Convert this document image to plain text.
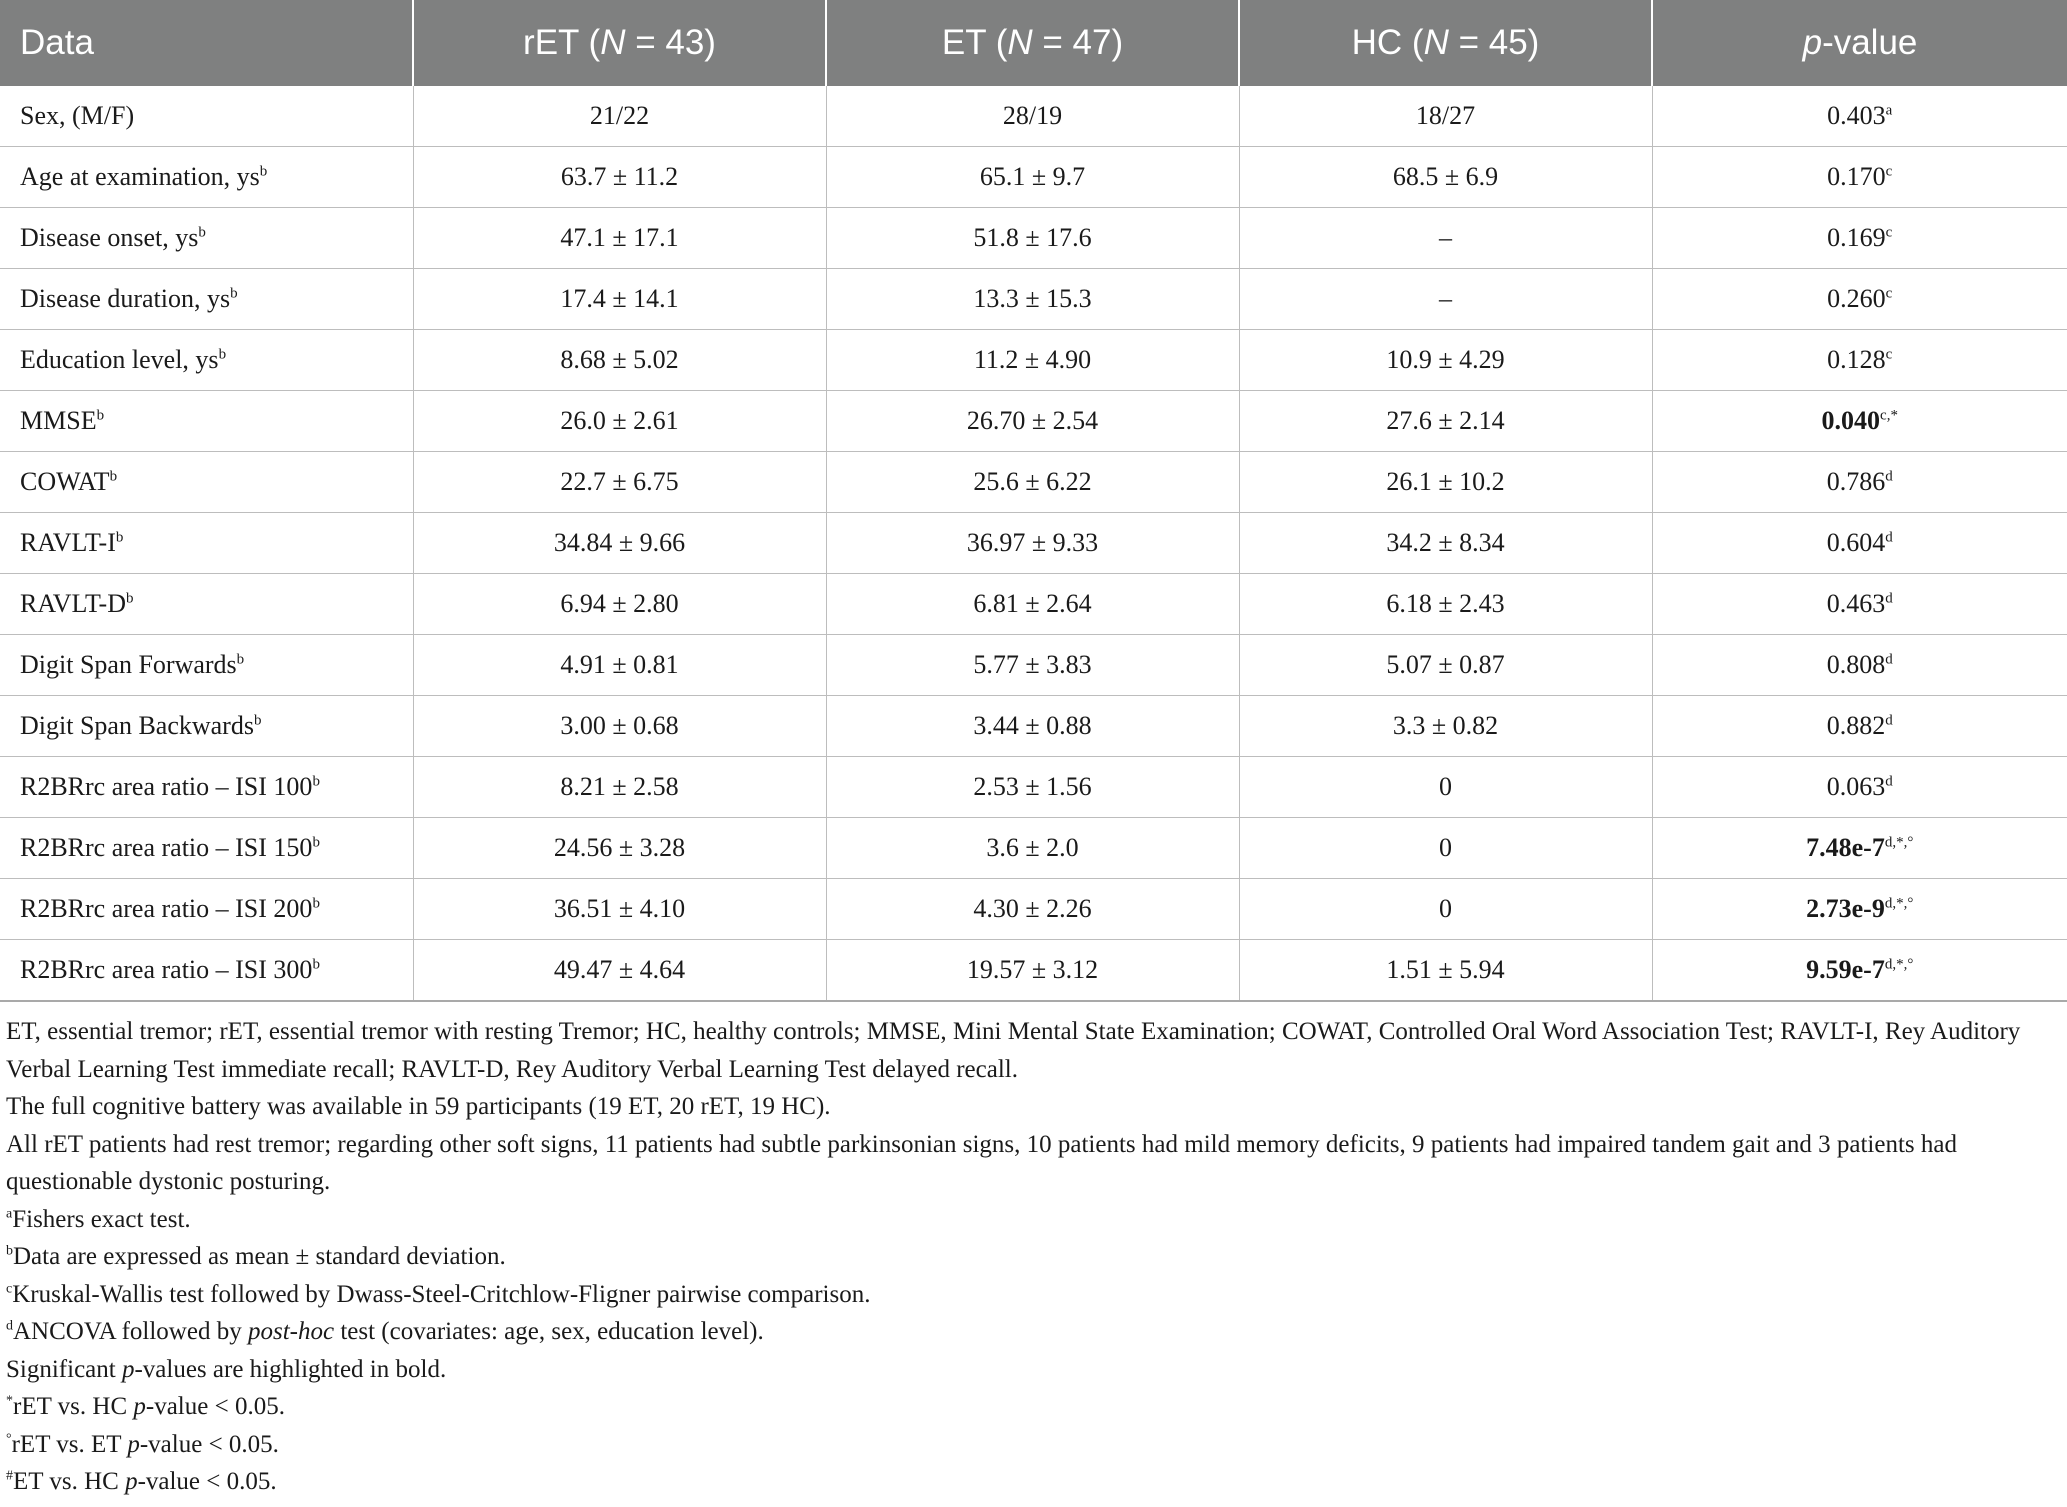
Data	rET (N = 43)	ET (N = 47)	HC (N = 45)	p-value
Sex, (M/F)	21/22	28/19	18/27	0.403$^a$
Age at examination, $ys^b$	63.7 ± 11.2	65.1 ± 9.7	68.5 ± 6.9	0.170$^c$
Disease onset, $ys^b$	47.1 ± 17.1	51.8 ± 17.6	–	0.169$^c$
Disease duration, $ys^b$	17.4 ± 14.1	13.3 ± 15.3	–	0.260$^c$
Education level, $ys^b$	8.68 ± 5.02	11.2 ± 4.90	10.9 ± 4.29	0.128$^c$
MMSE$^b$	26.0 ± 2.61	26.70 ± 2.54	27.6 ± 2.14	$0.040^{c,*}$
COWAT$^b$	22.7 ± 6.75	25.6 ± 6.22	26.1 ± 10.2	0.786$^d$
RAVLT-$I^b$	34.84 ± 9.66	36.97 ± 9.33	34.2 ± 8.34	0.604$^d$
RAVLT-$D^b$	6.94 ± 2.80	6.81 ± 2.64	6.18 ± 2.43	0.463$^d$
Digit Span Forwards$^b$	4.91 ± 0.81	5.77 ± 3.83	5.07 ± 0.87	0.808$^d$
Digit Span Backwards$^b$	3.00 ± 0.68	3.44 ± 0.88	3.3 ± 0.82	0.882$^d$
R2BRrc area ratio – ISI 100$^b$	8.21 ± 2.58	2.53 ± 1.56	0	0.063$^d$
R2BRrc area ratio – ISI 150$^b$	24.56 ± 3.28	3.6 ± 2.0	0	$7.48e-7^{d,*,^\circ}$
R2BRrc area ratio – ISI 200$^b$	36.51 ± 4.10	4.30 ± 2.26	0	$2.73e-9^{d,*,^\circ}$
R2BRrc area ratio – ISI 300$^b$	49.47 ± 4.64	19.57 ± 3.12	1.51 ± 5.94	$9.59e-7^{d,*,^\circ}$

ET, essential tremor; rET, essential tremor with resting Tremor; HC, healthy controls; MMSE, Mini Mental State Examination; COWAT, Controlled Oral Word Association Test; RAVLT-I, Rey Auditory Verbal Learning Test immediate recall; RAVLT-D, Rey Auditory Verbal Learning Test delayed recall.

The full cognitive battery was available in 59 participants (19 ET, 20 rET, 19 HC).

All rET patients had rest tremor; regarding other soft signs, 11 patients had subtle parkinsonian signs, 10 patients had mild memory deficits, 9 patients had impaired tandem gait and 3 patients had questionable dystonic posturing.

$^a$Fishers exact test.

$^b$Data are expressed as mean ± standard deviation.

$^c$Kruskal-Wallis test followed by Dwass-Steel-Critchlow-Fligner pairwise comparison.

$^d$ANCOVA followed by post-hoc test (covariates: age, sex, education level).

Significant p-values are highlighted in bold.

*rET vs. HC p-value < 0.05.

°rET vs. ET p-value < 0.05.

#ET vs. HC p-value < 0.05.
